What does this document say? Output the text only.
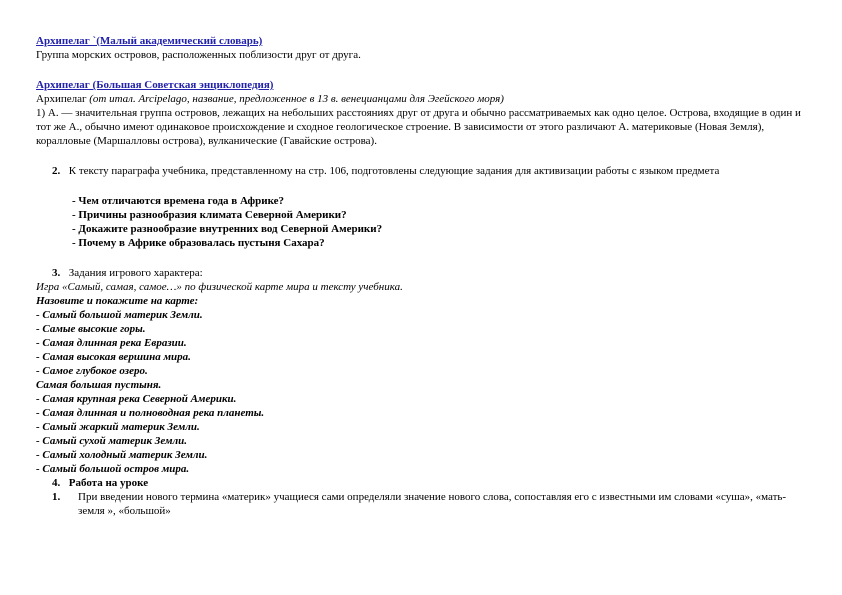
Архипелаг `(Малый академический словарь)
Группа морских островов, расположенных поблизости друг от друга.
Архипелаг (Большая Советская энциклопедия)
Архипелаг (от итал. Arcipelago, название, предложенное в 13 в. венецианцами для Эгейского моря)
1) А. — значительная группа островов, лежащих на небольших расстояниях друг от друга и обычно рассматриваемых как одно целое. Острова, входящие в один и тот же А., обычно имеют одинаковое происхождение и сходное геологическое строение. В зависимости от этого различают А. материковые (Новая Земля), коралловые (Маршалловы острова), вулканические (Гавайские острова).
2. К тексту параграфа учебника, представленному на стр. 106, подготовлены следующие задания для активизации работы с языком предмета
- Чем отличаются времена года в Африке?
- Причины разнообразия климата Северной Америки?
- Докажите разнообразие внутренних вод Северной Америки?
- Почему в Африке образовалась пустыня Сахара?
3. Задания игрового характера:
Игра «Самый, самая, самое…» по физической карте мира и тексту учебника.
Назовите и покажите на карте:
- Самый большой материк Земли.
- Самые высокие горы.
- Самая длинная река Евразии.
- Самая высокая вершина мира.
- Самое глубокое озеро.
Самая большая пустыня.
- Самая крупная река Северной Америки.
- Самая длинная и полноводная река планеты.
- Самый жаркий материк Земли.
- Самый сухой материк Земли.
- Самый холодный материк Земли.
- Самый большой остров мира.
4. Работа на уроке
1.	При введении нового термина «материк» учащиеся сами определяли значение нового слова, сопоставляя его с известными им словами «суша», «мать-земля », «большой»
